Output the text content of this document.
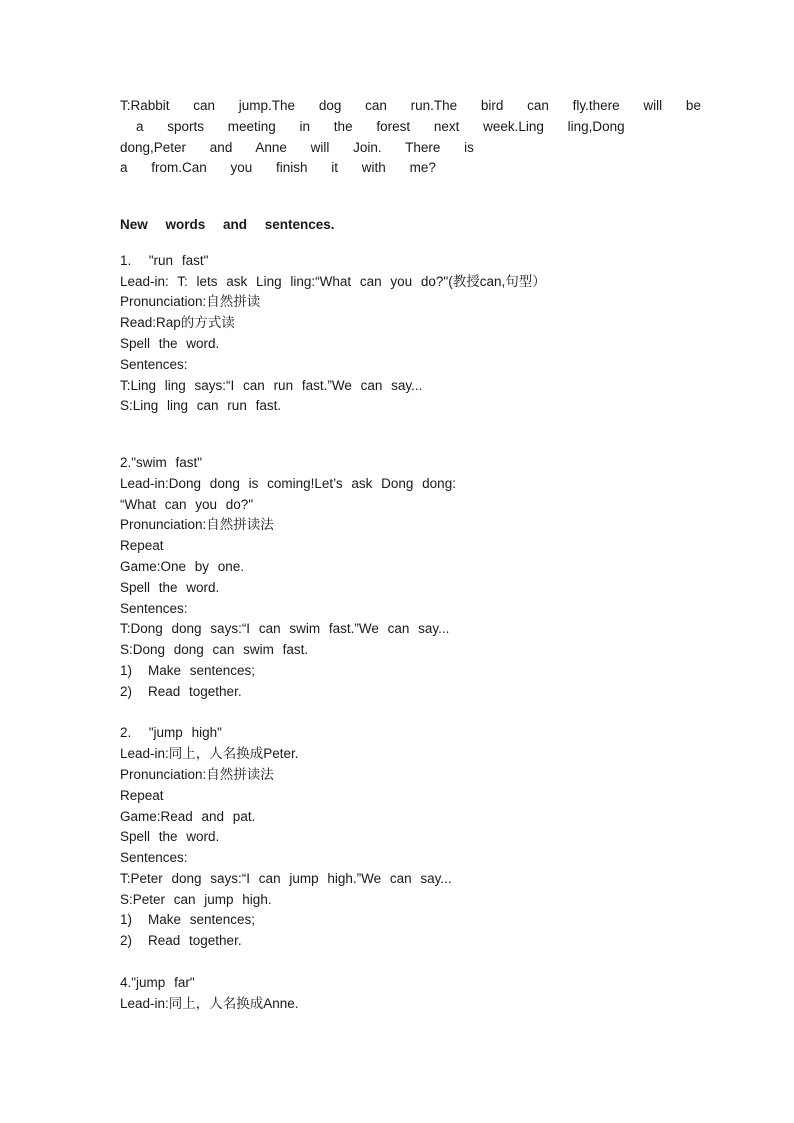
T:Rabbit can jump.The dog can run.The bird can fly.there will be
a sports meeting in the forest next week.Ling ling,Dong
dong,Peter and Anne will Join. There is
a from.Can you finish it with me?
New words and sentences.
1.  "run fast"
Lead-in: T: lets ask Ling ling:“What can you do?"(教授can,句型）
Pronunciation:自然拼读
Read:Rap的方式读
Spell the word.
Sentences:
T:Ling ling says:“I can run fast.”We can say...
S:Ling ling can run fast.
2."swim fast"
Lead-in:Dong dong is coming!Let’s ask Dong dong:
“What can you do?"
Pronunciation:自然拼读法
Repeat
Game:One by one.
Spell the word.
Sentences:
T:Dong dong says:“I can swim fast.”We can say...
S:Dong dong can swim fast.
1)	Make sentences;
2)	Read together.
2.  "jump high"
Lead-in:同上，人名换成Peter.
Pronunciation:自然拼读法
Repeat
Game:Read and pat.
Spell the word.
Sentences:
T:Peter dong says:“I can jump high.”We can say...
S:Peter can jump high.
1)	Make sentences;
2)	Read together.
4."jump far"
Lead-in:同上，人名换成Anne.
